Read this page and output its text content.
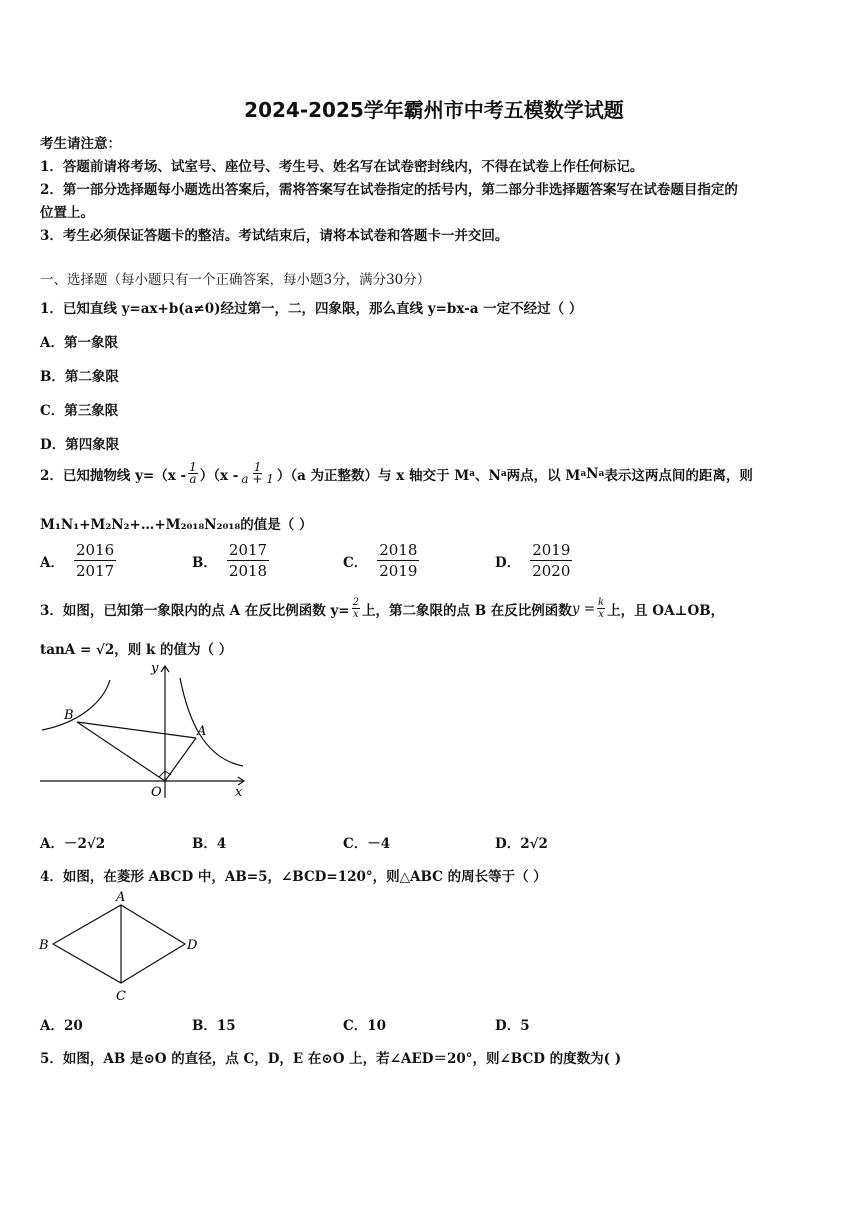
2024-2025学年霸州市中考五模数学试题
考生请注意：
1．答题前请将考场、试室号、座位号、考生号、姓名写在试卷密封线内，不得在试卷上作任何标记。
2．第一部分选择题每小题选出答案后，需将答案写在试卷指定的括号内，第二部分非选择题答案写在试卷题目指定的
位置上。
3．考生必须保证答题卡的整洁。考试结束后，请将本试卷和答题卡一并交回。
一、选择题（每小题只有一个正确答案，每小题3分，满分30分）
1．已知直线 y=ax+b(a≠0)经过第一，二，四象限，那么直线 y=bx-a 一定不经过（ ）
A．第一象限
B．第二象限
C．第三象限
D．第四象限
2．已知抛物线 $y=(x - \frac{1}{a} )(x - \frac{1}{a + 1} )(a$ 为正整数）与 x 轴交于 M a 、N a 两点，以 M a N a 表示这两点间的距离，则
M₁N₁+M₂N₂+…+M₂₀₁₈N₂₀₁₈的值是（ ）
A． $\frac{2016}{2017}$	B． $\frac{2017}{2018}$	C． $\frac{2018}{2019}$	D． $\frac{2019}{2020}$
3．如图，已知第一象限内的点 A 在反比例函数 $y= \frac{2}{x}$ 上，第二象限的点 B 在反比例函数 $y = \frac{k}{x}$ 上，且 OA⊥OB，
tanA = √2，则 k 的值为（ ）
B
A
O	x
y
A．－2√2	B．4	C．－4	D．2√2
4．如图，在菱形 ABCD 中，AB=5，∠BCD=120°，则△ABC 的周长等于（ ）
A
B
C
D
A．20	B．15	C．10	D．5
5．如图，AB 是⊙O 的直径，点 C，D，E 在⊙O 上，若∠AED＝20°，则∠BCD 的度数为( )
